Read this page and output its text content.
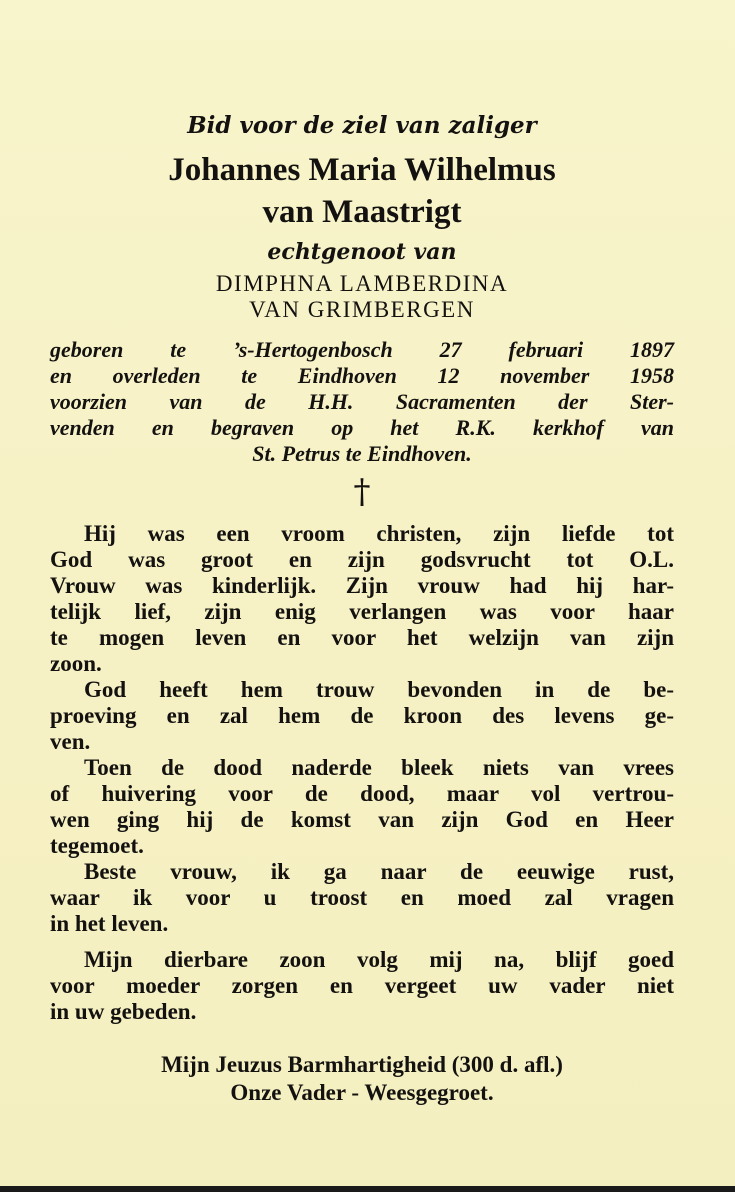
Bid voor de ziel van zaliger
Johannes Maria Wilhelmus
van Maastrigt
echtgenoot van
DIMPHNA LAMBERDINA
VAN GRIMBERGEN
geboren te ’s-Hertogenbosch 27 februari 1897
en overleden te Eindhoven 12 november 1958
voorzien van de H.H. Sacramenten der Ster-
venden en begraven op het R.K. kerkhof van
St. Petrus te Eindhoven.
†
Hij was een vroom christen, zijn liefde tot
God was groot en zijn godsvrucht tot O.L.
Vrouw was kinderlijk. Zijn vrouw had hij har-
telijk lief, zijn enig verlangen was voor haar
te mogen leven en voor het welzijn van zijn
zoon.
God heeft hem trouw bevonden in de be-
proeving en zal hem de kroon des levens ge-
ven.
Toen de dood naderde bleek niets van vrees
of huivering voor de dood, maar vol vertrou-
wen ging hij de komst van zijn God en Heer
tegemoet.
Beste vrouw, ik ga naar de eeuwige rust,
waar ik voor u troost en moed zal vragen
in het leven.
Mijn dierbare zoon volg mij na, blijf goed
voor moeder zorgen en vergeet uw vader niet
in uw gebeden.
Mijn Jeuzus Barmhartigheid (300 d. afl.)
Onze Vader - Weesgegroet.
